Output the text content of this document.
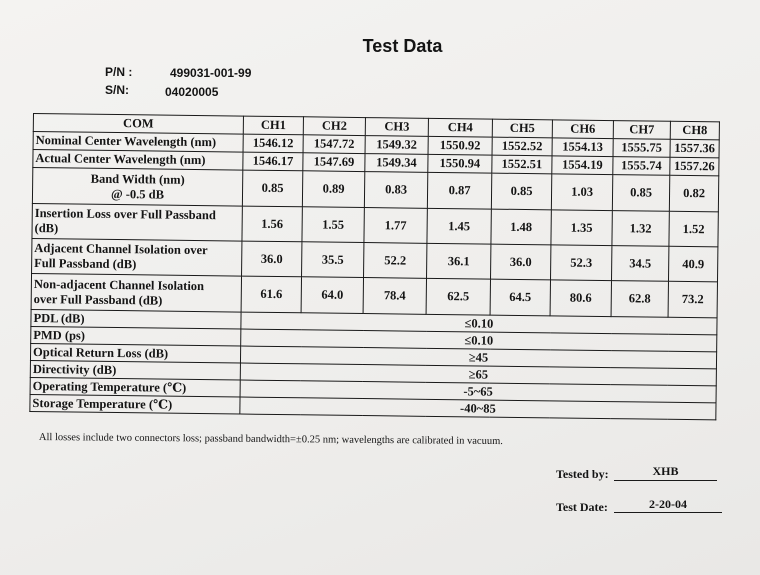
Test Data
P/N :	499031-001-99
S/N:	04020005
COM	CH1	CH2	CH3	CH4	CH5	CH6	CH7	CH8
Nominal Center Wavelength (nm)	1546.12	1547.72	1549.32	1550.92	1552.52	1554.13	1555.75	1557.36
Actual Center Wavelength (nm)	1546.17	1547.69	1549.34	1550.94	1552.51	1554.19	1555.74	1557.26
Band Width (nm)
@ -0.5 dB	0.85	0.89	0.83	0.87	0.85	1.03	0.85	0.82
Insertion Loss over Full Passband
(dB)	1.56	1.55	1.77	1.45	1.48	1.35	1.32	1.52
Adjacent Channel Isolation over
Full Passband (dB)	36.0	35.5	52.2	36.1	36.0	52.3	34.5	40.9
Non-adjacent Channel Isolation
over Full Passband (dB)	61.6	64.0	78.4	62.5	64.5	80.6	62.8	73.2
PDL (dB)	≤0.10							
PMD (ps)	≤0.10							
Optical Return Loss (dB)	≥45							
Directivity (dB)	≥65							
Operating Temperature (℃)	-5~65							
Storage Temperature (℃)	-40~85							
All losses include two connectors loss; passband bandwidth=±0.25 nm; wavelengths are calibrated in vacuum.
Tested by:	XHB
Test Date:	2-20-04
